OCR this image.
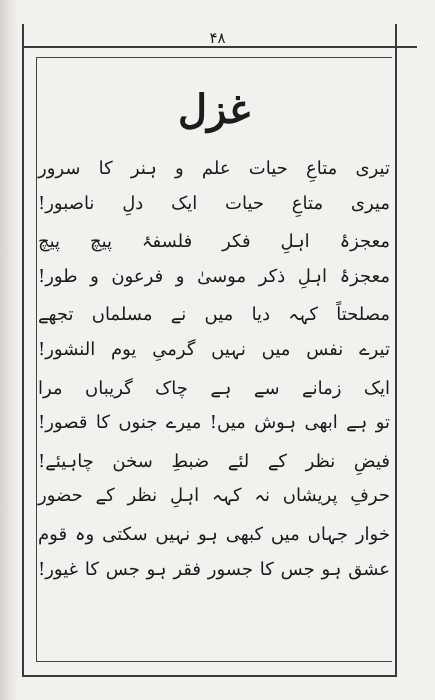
۴۸
غزل
تیری متاعِ حیات علم و ہنر کا سرور
میری متاعِ حیات ایک دلِ ناصبور!
معجزۂ اہلِ فکر فلسفۂ پیچ پیچ
معجزۂ اہلِ ذکر موسیٰ و فرعون و طور!
مصلحتاً کہہ دیا میں نے مسلماں تجھے
تیرے نفس میں نہیں گرمیِ یوم النشور!
ایک زمانے سے ہے چاک گریباں مرا
تو ہے ابھی ہوش میں! میرے جنوں کا قصور!
فیضِ نظر کے لئے ضبطِ سخن چاہیئے!
حرفِ پریشاں نہ کہہ اہلِ نظر کے حضور
خوار جہاں میں کبھی ہو نہیں سکتی وہ قوم
عشق ہو جس کا جسور فقر ہو جس کا غیور!
